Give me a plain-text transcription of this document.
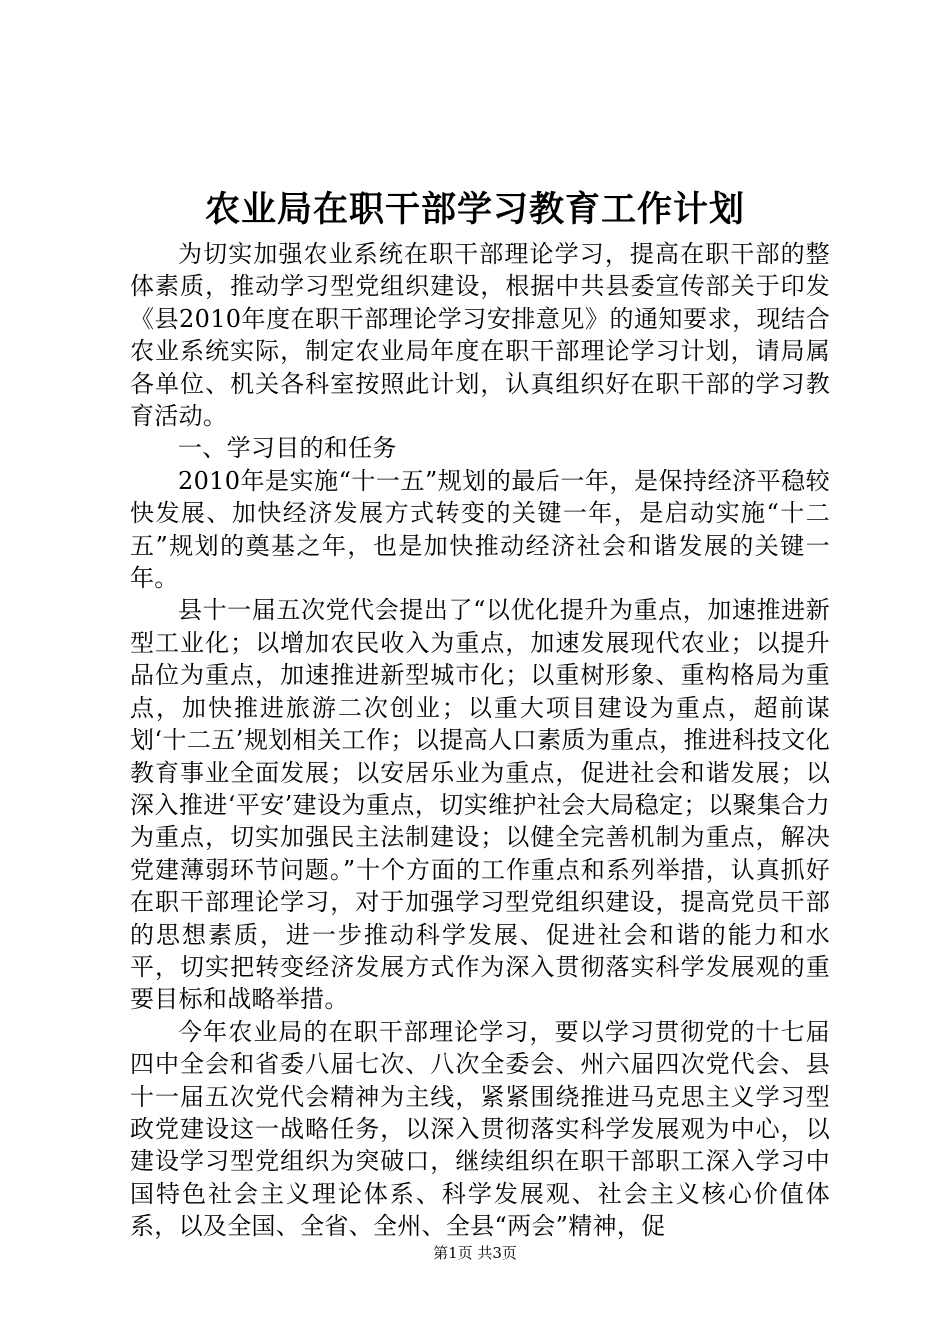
农业局在职干部学习教育工作计划

为切实加强农业系统在职干部理论学习，提高在职干部的整体素质，推动学习型党组织建设，根据中共县委宣传部关于印发《县2010年度在职干部理论学习安排意见》的通知要求，现结合农业系统实际，制定农业局年度在职干部理论学习计划，请局属各单位、机关各科室按照此计划，认真组织好在职干部的学习教育活动。

一、学习目的和任务

2010年是实施“十一五”规划的最后一年，是保持经济平稳较快发展、加快经济发展方式转变的关键一年，是启动实施“十二五”规划的奠基之年，也是加快推动经济社会和谐发展的关键一年。

县十一届五次党代会提出了“以优化提升为重点，加速推进新型工业化；以增加农民收入为重点，加速发展现代农业；以提升品位为重点，加速推进新型城市化；以重树形象、重构格局为重点，加快推进旅游二次创业；以重大项目建设为重点，超前谋划‘十二五’规划相关工作；以提高人口素质为重点，推进科技文化教育事业全面发展；以安居乐业为重点，促进社会和谐发展；以深入推进‘平安’建设为重点，切实维护社会大局稳定；以聚集合力为重点，切实加强民主法制建设；以健全完善机制为重点，解决党建薄弱环节问题。”十个方面的工作重点和系列举措，认真抓好在职干部理论学习，对于加强学习型党组织建设，提高党员干部的思想素质，进一步推动科学发展、促进社会和谐的能力和水平，切实把转变经济发展方式作为深入贯彻落实科学发展观的重要目标和战略举措。

今年农业局的在职干部理论学习，要以学习贯彻党的十七届四中全会和省委八届七次、八次全委会、州六届四次党代会、县十一届五次党代会精神为主线，紧紧围绕推进马克思主义学习型政党建设这一战略任务，以深入贯彻落实科学发展观为中心，以建设学习型党组织为突破口，继续组织在职干部职工深入学习中国特色社会主义理论体系、科学发展观、社会主义核心价值体系，以及全国、全省、全州、全县“两会”精神，促

第1页 共3页
